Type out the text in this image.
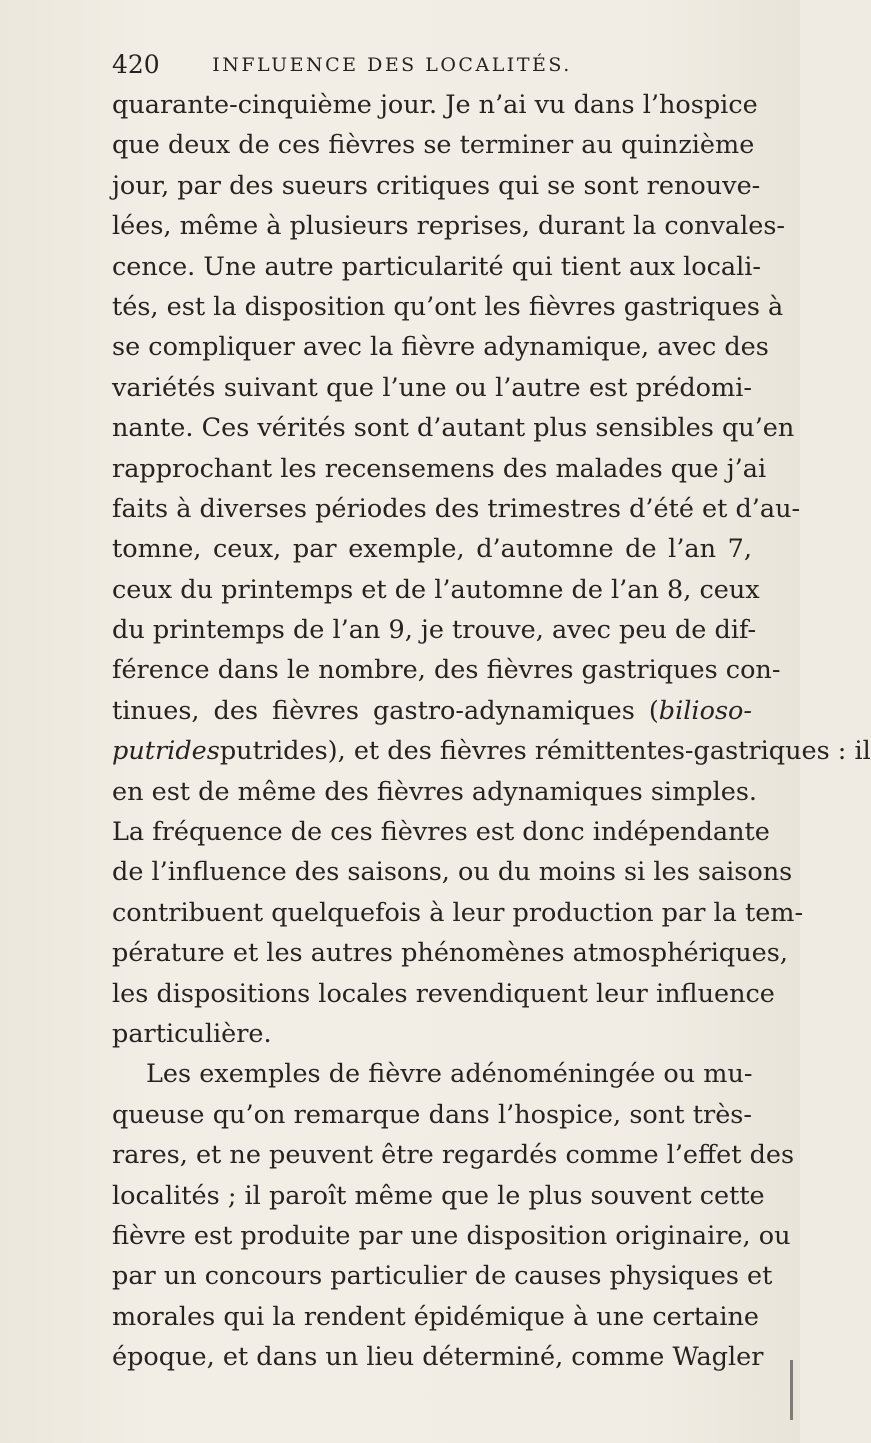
420	INFLUENCE DES LOCALITÉS.
quarante-cinquième jour. Je n’ai vu dans l’hospice
que deux de ces fièvres se terminer au quinzième
jour, par des sueurs critiques qui se sont renouve-
lées, même à plusieurs reprises, durant la convales-
cence. Une autre particularité qui tient aux locali-
tés, est la disposition qu’ont les fièvres gastriques à
se compliquer avec la fièvre adynamique, avec des
variétés suivant que l’une ou l’autre est prédomi-
nante. Ces vérités sont d’autant plus sensibles qu’en
rapprochant les recensemens des malades que j’ai
faits à diverses périodes des trimestres d’été et d’au-
tomne, ceux, par exemple, d’automne de l’an 7,
ceux du printemps et de l’automne de l’an 8, ceux
du printemps de l’an 9, je trouve, avec peu de dif-
férence dans le nombre, des fièvres gastriques con-
tinues, des fièvres gastro-adynamiques (bilioso-
putridesputrides), et des fièvres rémittentes-gastriques : il
en est de même des fièvres adynamiques simples.
La fréquence de ces fièvres est donc indépendante
de l’influence des saisons, ou du moins si les saisons
contribuent quelquefois à leur production par la tem-
pérature et les autres phénomènes atmosphériques,
les dispositions locales revendiquent leur influence
particulière.
Les exemples de fièvre adénoméningée ou mu-
queuse qu’on remarque dans l’hospice, sont très-
rares, et ne peuvent être regardés comme l’effet des
localités ; il paroît même que le plus souvent cette
fièvre est produite par une disposition originaire, ou
par un concours particulier de causes physiques et
morales qui la rendent épidémique à une certaine
époque, et dans un lieu déterminé, comme Wagler
